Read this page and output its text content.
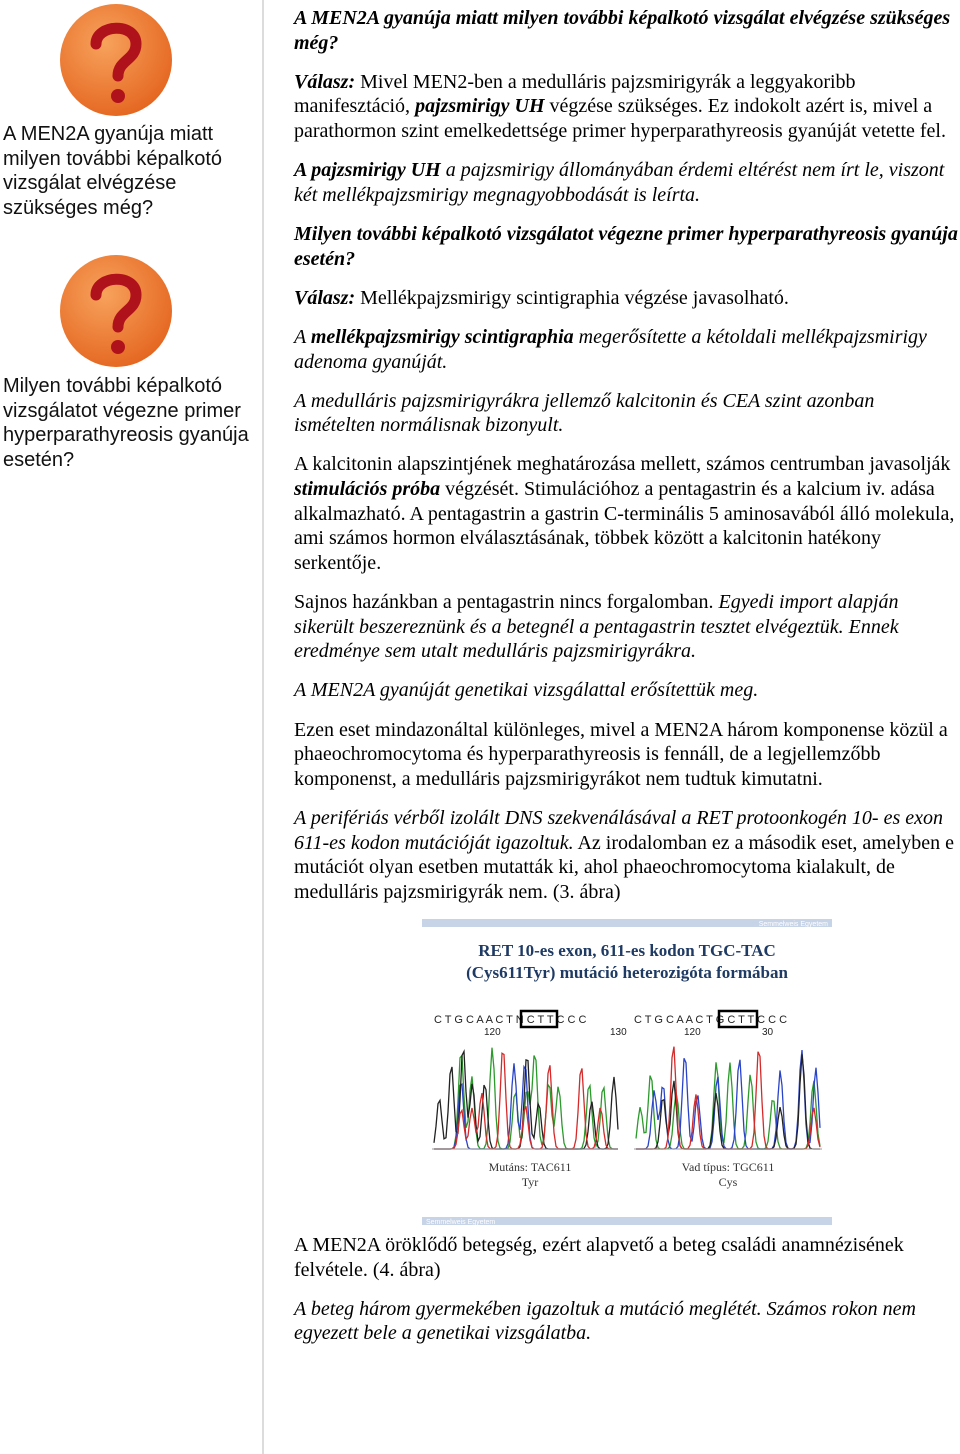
A MEN2A gyanúja miatt milyen további képalkotó vizsgálat elvégzése szükséges még?
Milyen további képalkotó vizsgálatot végezne primer hyperparathyreosis gyanúja esetén?

A MEN2A gyanúja miatt milyen további képalkotó vizsgálat elvégzése szükséges még?

Válasz: Mivel MEN2-ben a medulláris pajzsmirigyrák a leggyakoribb manifesztáció, pajzsmirigy UH végzése szükséges. Ez indokolt azért is, mivel a parathormon szint emelkedettsége primer hyperparathyreosis gyanúját vetette fel.

A pajzsmirigy UH a pajzsmirigy állományában érdemi eltérést nem írt le, viszont két mellékpajzsmirigy megnagyobbodását is leírta.

Milyen további képalkotó vizsgálatot végezne primer hyperparathyreosis gyanúja esetén?

Válasz: Mellékpajzsmirigy scintigraphia végzése javasolható.

A mellékpajzsmirigy scintigraphia megerősítette a kétoldali mellékpajzsmirigy adenoma gyanúját.

A medulláris pajzsmirigyrákra jellemző kalcitonin és CEA szint azonban ismételten normálisnak bizonyult.

A kalcitonin alapszintjének meghatározása mellett, számos centrumban javasolják stimulációs próba végzését. Stimulációhoz a pentagastrin és a kalcium iv. adása alkalmazható. A pentagastrin a gastrin C-terminális 5 aminosavából álló molekula, ami számos hormon elválasztásának, többek között a kalcitonin hatékony serkentője.

Sajnos hazánkban a pentagastrin nincs forgalomban. Egyedi import alapján sikerült beszereznünk és a betegnél a pentagastrin tesztet elvégeztük. Ennek eredménye sem utalt medulláris pajzsmirigyrákra.

A MEN2A gyanúját genetikai vizsgálattal erősítettük meg.

Ezen eset mindazonáltal különleges, mivel a MEN2A három komponense közül a phaeochromocytoma és hyperparathyreosis is fennáll, de a legjellemzőbb komponenst, a medulláris pajzsmirigyrákot nem tudtuk kimutatni.

A perifériás vérből izolált DNS szekvenálásával a RET protoonkogén 10- es exon 611-es kodon mutációját igazoltuk. Az irodalomban ez a második eset, amelyben e mutációt olyan esetben mutatták ki, ahol phaeochromocytoma kialakult, de medulláris pajzsmirigyrák nem. (3. ábra)

Semmelweis Egyetem
RET 10-es exon, 611-es kodon TGC-TAC
(Cys611Tyr) mutáció heterozigóta formában
C T G C A A C T N C T T C C C
120	130
C T G C A A C T G C T T C C C
120	30
Mutáns: TAC611
Tyr
Vad típus: TGC611
Cys
Semmelweis Egyetem

A MEN2A öröklődő betegség, ezért alapvető a beteg családi anamnézisének felvétele. (4. ábra)

A beteg három gyermekében igazoltuk a mutáció meglétét. Számos rokon nem egyezett bele a genetikai vizsgálatba.
